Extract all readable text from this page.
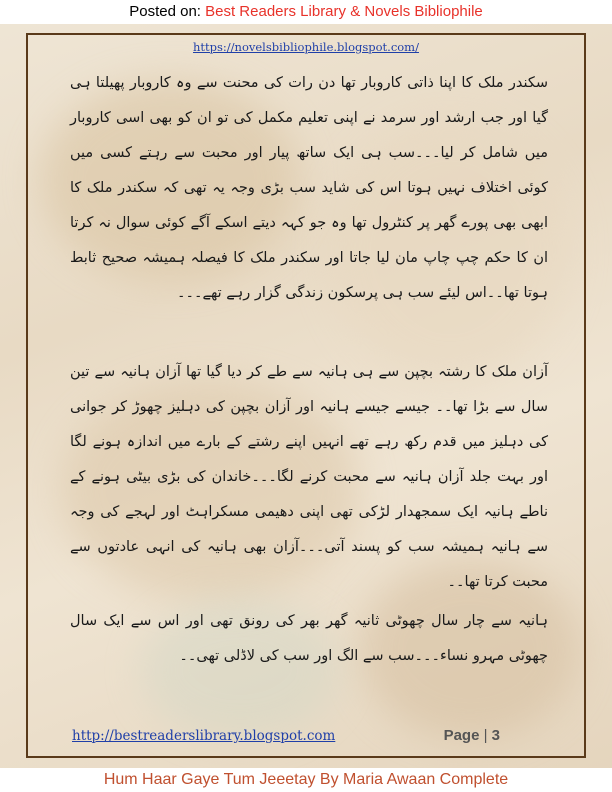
Posted on: Best Readers Library & Novels Bibliophile
https://novelsbibliophile.blogspot.com/

سکندر ملک کا اپنا ذاتی کاروبار تھا دن رات کی محنت سے وہ کاروبار پھیلتا ہی گیا اور جب ارشد اور سرمد نے اپنی تعلیم مکمل کی تو ان کو بھی اسی کاروبار میں شامل کر لیا۔۔۔سب ہی ایک ساتھ پیار اور محبت سے رہتے کسی میں کوئی اختلاف نہیں ہوتا اس کی شاید سب بڑی وجہ یہ تھی کہ سکندر ملک کا ابھی بھی پورے گھر پر کنٹرول تھا وہ جو کہہ دیتے اسکے آگے کوئی سوال نہ کرتا ان کا حکم چپ چاپ مان لیا جاتا اور سکندر ملک کا فیصلہ ہمیشہ صحیح ثابط ہوتا تھا۔۔اس لیئے سب ہی پرسکون زندگی گزار رہے تھے۔۔۔

آزان ملک کا رشتہ بچپن سے ہی ہانیہ سے طے کر دیا گیا تھا آزان ہانیہ سے تین سال سے بڑا تھا۔۔ جیسے جیسے ہانیہ اور آزان بچپن کی دہلیز چھوڑ کر جوانی کی دہلیز میں قدم رکھ رہے تھے انہیں اپنے رشتے کے بارے میں اندازہ ہونے لگا اور بہت جلد آزان ہانیہ سے محبت کرنے لگا۔۔۔خاندان کی بڑی بیٹی ہونے کے ناطے ہانیہ ایک سمجھدار لڑکی تھی اپنی دھیمی مسکراہٹ اور لہجے کی وجہ سے ہانیہ ہمیشہ سب کو پسند آتی۔۔۔آزان بھی ہانیہ کی انہی عادتوں سے محبت کرتا تھا۔۔

ہانیہ سے چار سال چھوٹی ثانیہ گھر بھر کی رونق تھی اور اس سے ایک سال چھوٹی مہرو نساء۔۔۔سب سے الگ اور سب کی لاڈلی تھی۔۔

http://bestreaderslibrary.blogspot.com	Page | 3
Hum Haar Gaye Tum Jeeetay By Maria Awaan Complete
